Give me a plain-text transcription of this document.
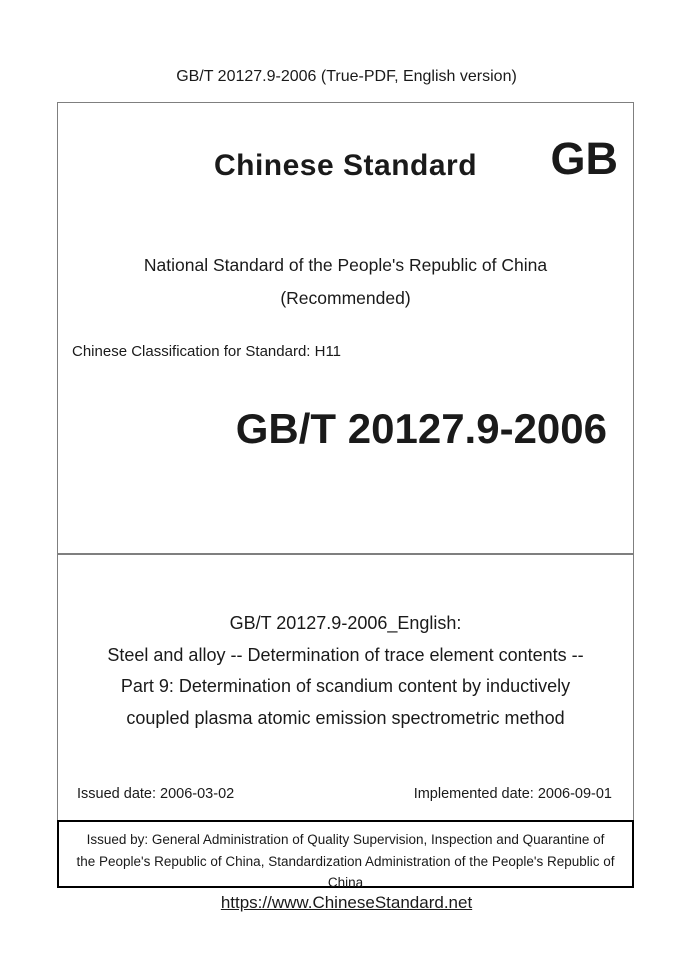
GB/T 20127.9-2006 (True-PDF, English version)
Chinese Standard	GB
National Standard of the People's Republic of China
(Recommended)
Chinese Classification for Standard: H11
GB/T 20127.9-2006
GB/T 20127.9-2006_English:
Steel and alloy -- Determination of trace element contents --
Part 9: Determination of scandium content by inductively
coupled plasma atomic emission spectrometric method
Issued date: 2006-03-02	Implemented date: 2006-09-01
Issued by: General Administration of Quality Supervision, Inspection and Quarantine of
the People's Republic of China, Standardization Administration of the People's Republic of
China
https://www.ChineseStandard.net
